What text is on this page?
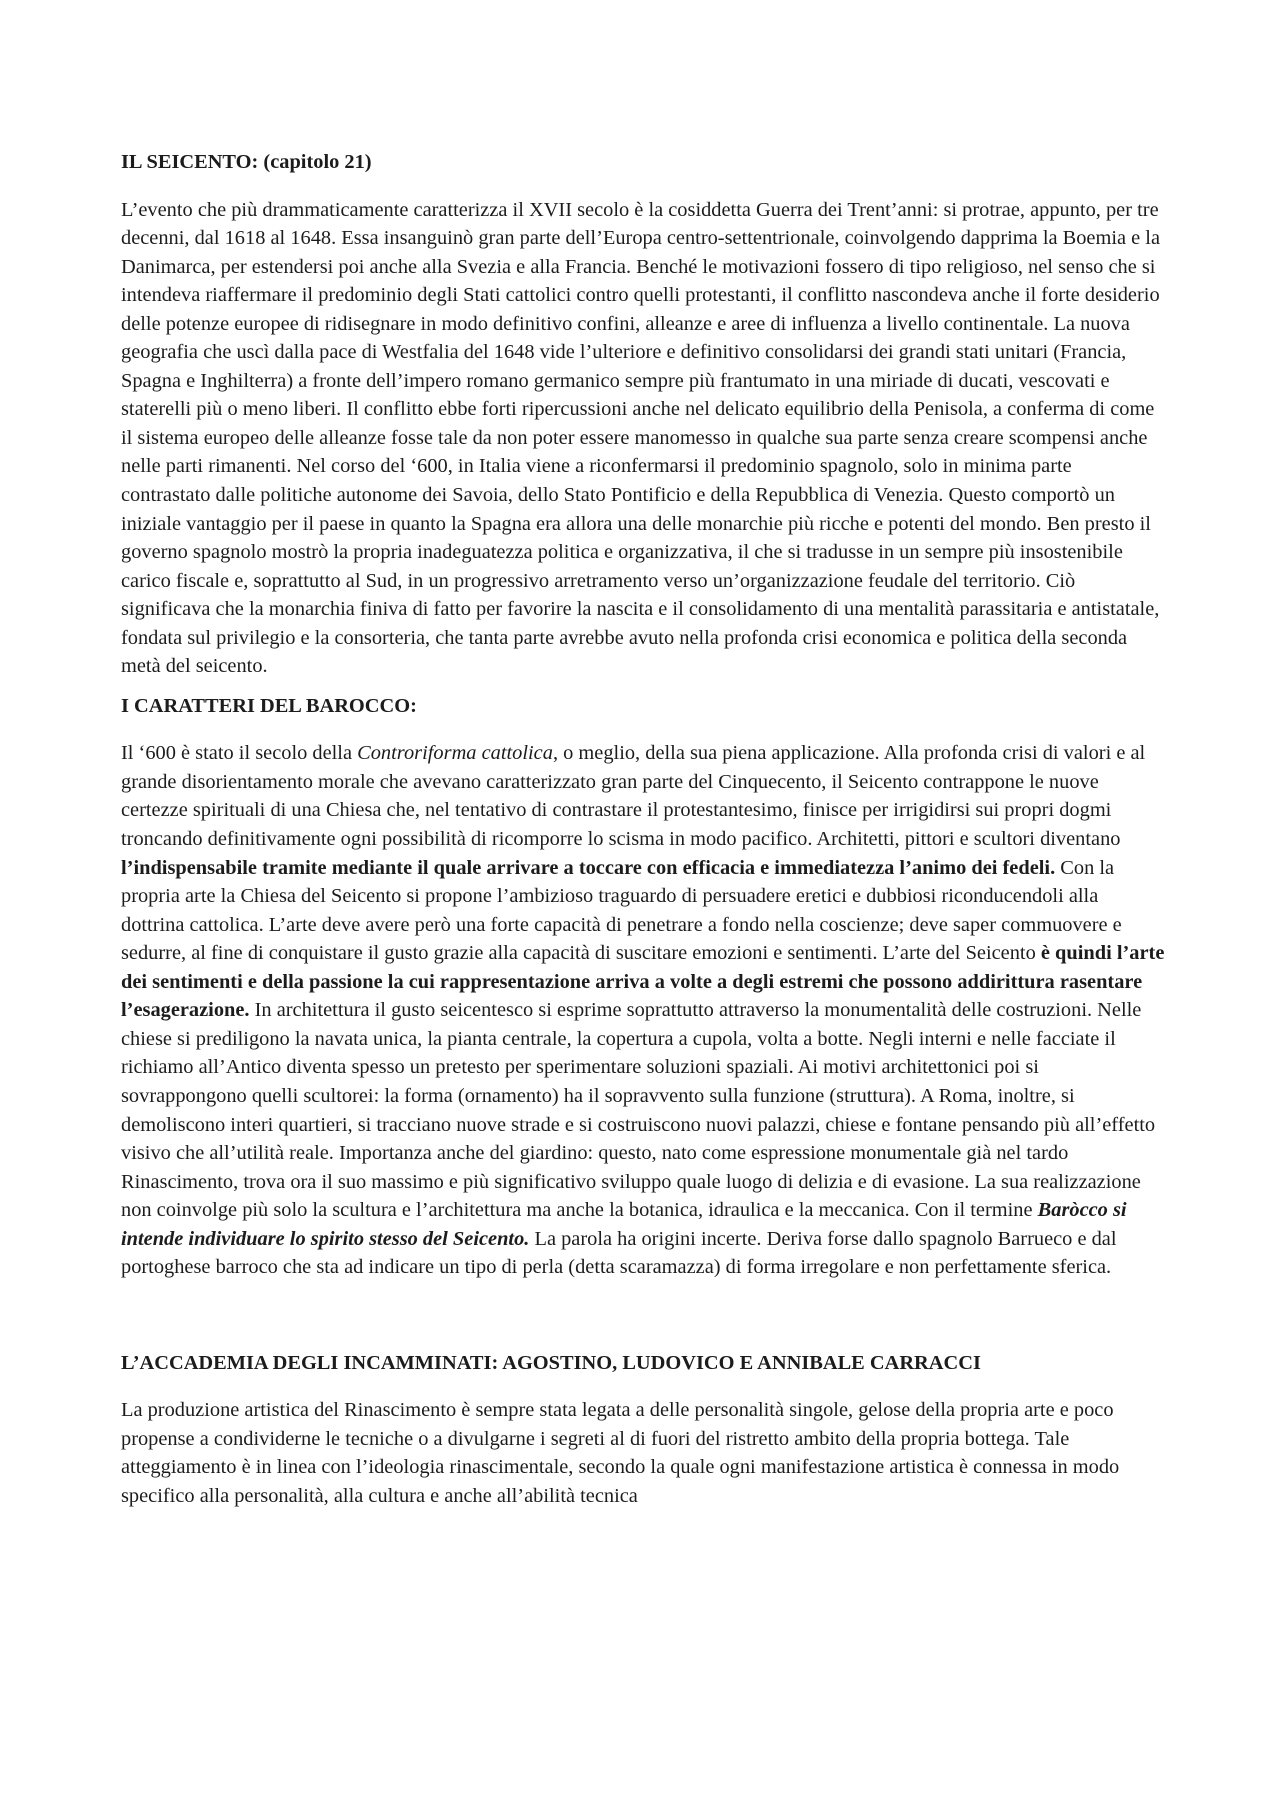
IL SEICENTO: (capitolo 21)

L’evento che più drammaticamente caratterizza il XVII secolo è la cosiddetta Guerra dei Trent’anni: si protrae, appunto, per tre decenni, dal 1618 al 1648. Essa insanguinò gran parte dell’Europa centro-settentrionale, coinvolgendo dapprima la Boemia e la Danimarca, per estendersi poi anche alla Svezia e alla Francia. Benché le motivazioni fossero di tipo religioso, nel senso che si intendeva riaffermare il predominio degli Stati cattolici contro quelli protestanti, il conflitto nascondeva anche il forte desiderio delle potenze europee di ridisegnare in modo definitivo confini, alleanze e aree di influenza a livello continentale. La nuova geografia che uscì dalla pace di Westfalia del 1648 vide l’ulteriore e definitivo consolidarsi dei grandi stati unitari (Francia, Spagna e Inghilterra) a fronte dell’impero romano germanico sempre più frantumato in una miriade di ducati, vescovati e staterelli più o meno liberi. Il conflitto ebbe forti ripercussioni anche nel delicato equilibrio della Penisola, a conferma di come il sistema europeo delle alleanze fosse tale da non poter essere manomesso in qualche sua parte senza creare scompensi anche nelle parti rimanenti. Nel corso del ‘600, in Italia viene a riconfermarsi il predominio spagnolo, solo in minima parte contrastato dalle politiche autonome dei Savoia, dello Stato Pontificio e della Repubblica di Venezia. Questo comportò un iniziale vantaggio per il paese in quanto la Spagna era allora una delle monarchie più ricche e potenti del mondo. Ben presto il governo spagnolo mostrò la propria inadeguatezza politica e organizzativa, il che si tradusse in un sempre più insostenibile carico fiscale e, soprattutto al Sud, in un progressivo arretramento verso un’organizzazione feudale del territorio. Ciò significava che la monarchia finiva di fatto per favorire la nascita e il consolidamento di una mentalità parassitaria e antistatale, fondata sul privilegio e la consorteria, che tanta parte avrebbe avuto nella profonda crisi economica e politica della seconda metà del seicento.

I CARATTERI DEL BAROCCO:

Il ‘600 è stato il secolo della Controriforma cattolica, o meglio, della sua piena applicazione. Alla profonda crisi di valori e al grande disorientamento morale che avevano caratterizzato gran parte del Cinquecento, il Seicento contrappone le nuove certezze spirituali di una Chiesa che, nel tentativo di contrastare il protestantesimo, finisce per irrigidirsi sui propri dogmi troncando definitivamente ogni possibilità di ricomporre lo scisma in modo pacifico. Architetti, pittori e scultori diventano l’indispensabile tramite mediante il quale arrivare a toccare con efficacia e immediatezza l’animo dei fedeli. Con la propria arte la Chiesa del Seicento si propone l’ambizioso traguardo di persuadere eretici e dubbiosi riconducendoli alla dottrina cattolica. L’arte deve avere però una forte capacità di penetrare a fondo nella coscienze; deve saper commuovere e sedurre, al fine di conquistare il gusto grazie alla capacità di suscitare emozioni e sentimenti. L’arte del Seicento è quindi l’arte dei sentimenti e della passione la cui rappresentazione arriva a volte a degli estremi che possono addirittura rasentare l’esagerazione. In architettura il gusto seicentesco si esprime soprattutto attraverso la monumentalità delle costruzioni. Nelle chiese si prediligono la navata unica, la pianta centrale, la copertura a cupola, volta a botte. Negli interni e nelle facciate il richiamo all’Antico diventa spesso un pretesto per sperimentare soluzioni spaziali. Ai motivi architettonici poi si sovrappongono quelli scultorei: la forma (ornamento) ha il sopravvento sulla funzione (struttura). A Roma, inoltre, si demoliscono interi quartieri, si tracciano nuove strade e si costruiscono nuovi palazzi, chiese e fontane pensando più all’effetto visivo che all’utilità reale. Importanza anche del giardino: questo, nato come espressione monumentale già nel tardo Rinascimento, trova ora il suo massimo e più significativo sviluppo quale luogo di delizia e di evasione. La sua realizzazione non coinvolge più solo la scultura e l’architettura ma anche la botanica, idraulica e la meccanica. Con il termine Baròcco si intende individuare lo spirito stesso del Seicento. La parola ha origini incerte. Deriva forse dallo spagnolo Barrueco e dal portoghese barroco che sta ad indicare un tipo di perla (detta scaramazza) di forma irregolare e non perfettamente sferica.

L’ACCADEMIA DEGLI INCAMMINATI: AGOSTINO, LUDOVICO E ANNIBALE CARRACCI

La produzione artistica del Rinascimento è sempre stata legata a delle personalità singole, gelose della propria arte e poco propense a condividerne le tecniche o a divulgarne i segreti al di fuori del ristretto ambito della propria bottega. Tale atteggiamento è in linea con l’ideologia rinascimentale, secondo la quale ogni manifestazione artistica è connessa in modo specifico alla personalità, alla cultura e anche all’abilità tecnica
